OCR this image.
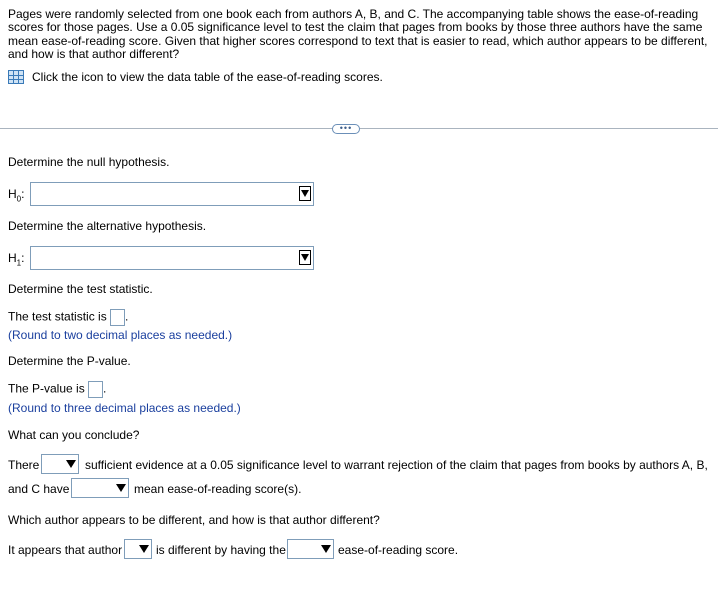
Pages were randomly selected from one book each from authors A, B, and C. The accompanying table shows the ease-of-reading scores for those pages. Use a 0.05 significance level to test the claim that pages from books by those three authors have the same mean ease-of-reading score. Given that higher scores correspond to text that is easier to read, which author appears to be different, and how is that author different?
Click the icon to view the data table of the ease-of-reading scores.
•••
Determine the null hypothesis.
$H_0$:
Determine the alternative hypothesis.
$H_1$:
Determine the test statistic.
The test statistic is .
(Round to two decimal places as needed.)
Determine the P-value.
The P-value is .
(Round to three decimal places as needed.)
What can you conclude?
There	sufficient evidence at a 0.05 significance level to warrant rejection of the claim that pages from books by authors A, B,
and C have	mean ease-of-reading score(s).
Which author appears to be different, and how is that author different?
It appears that author	is different by having the	ease-of-reading score.
